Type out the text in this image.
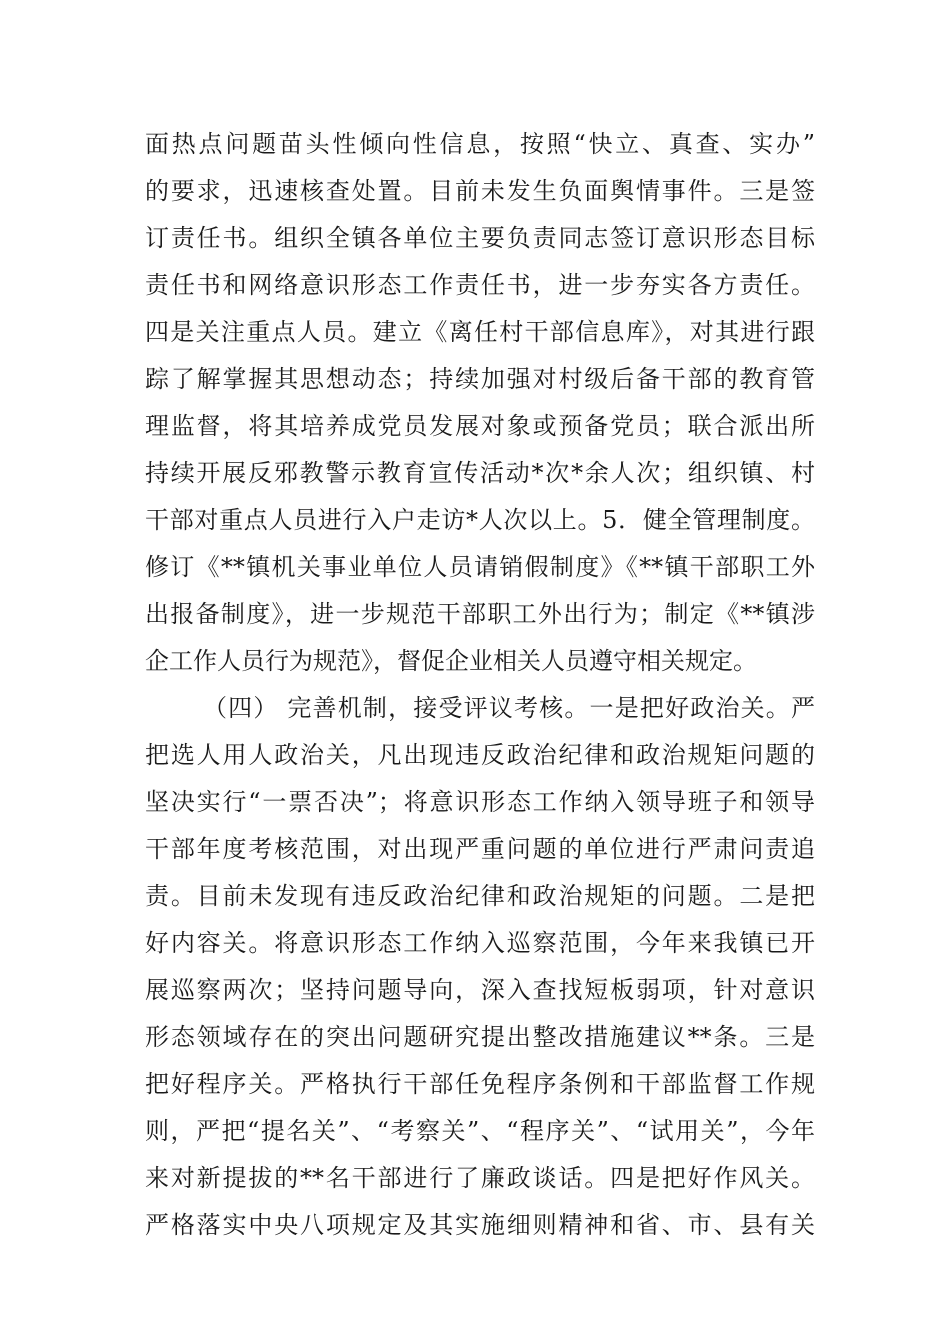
面热点问题苗头性倾向性信息，按照“快立、真查、实办”
的要求，迅速核查处置。目前未发生负面舆情事件。三是签
订责任书。组织全镇各单位主要负责同志签订意识形态目标
责任书和网络意识形态工作责任书，进一步夯实各方责任。
四是关注重点人员。建立《离任村干部信息库》，对其进行跟
踪了解掌握其思想动态；持续加强对村级后备干部的教育管
理监督，将其培养成党员发展对象或预备党员；联合派出所
持续开展反邪教警示教育宣传活动*次*余人次；组织镇、村
干部对重点人员进行入户走访*人次以上。5．健全管理制度。
修订《**镇机关事业单位人员请销假制度》《**镇干部职工外
出报备制度》，进一步规范干部职工外出行为；制定《**镇涉
企工作人员行为规范》，督促企业相关人员遵守相关规定。
（四） 完善机制，接受评议考核。一是把好政治关。严
把选人用人政治关，凡出现违反政治纪律和政治规矩问题的
坚决实行“一票否决”；将意识形态工作纳入领导班子和领导
干部年度考核范围，对出现严重问题的单位进行严肃问责追
责。目前未发现有违反政治纪律和政治规矩的问题。二是把
好内容关。将意识形态工作纳入巡察范围，今年来我镇已开
展巡察两次；坚持问题导向，深入查找短板弱项，针对意识
形态领域存在的突出问题研究提出整改措施建议**条。三是
把好程序关。严格执行干部任免程序条例和干部监督工作规
则，严把“提名关”、“考察关”、“程序关”、“试用关”，今年
来对新提拔的**名干部进行了廉政谈话。四是把好作风关。
严格落实中央八项规定及其实施细则精神和省、市、县有关
